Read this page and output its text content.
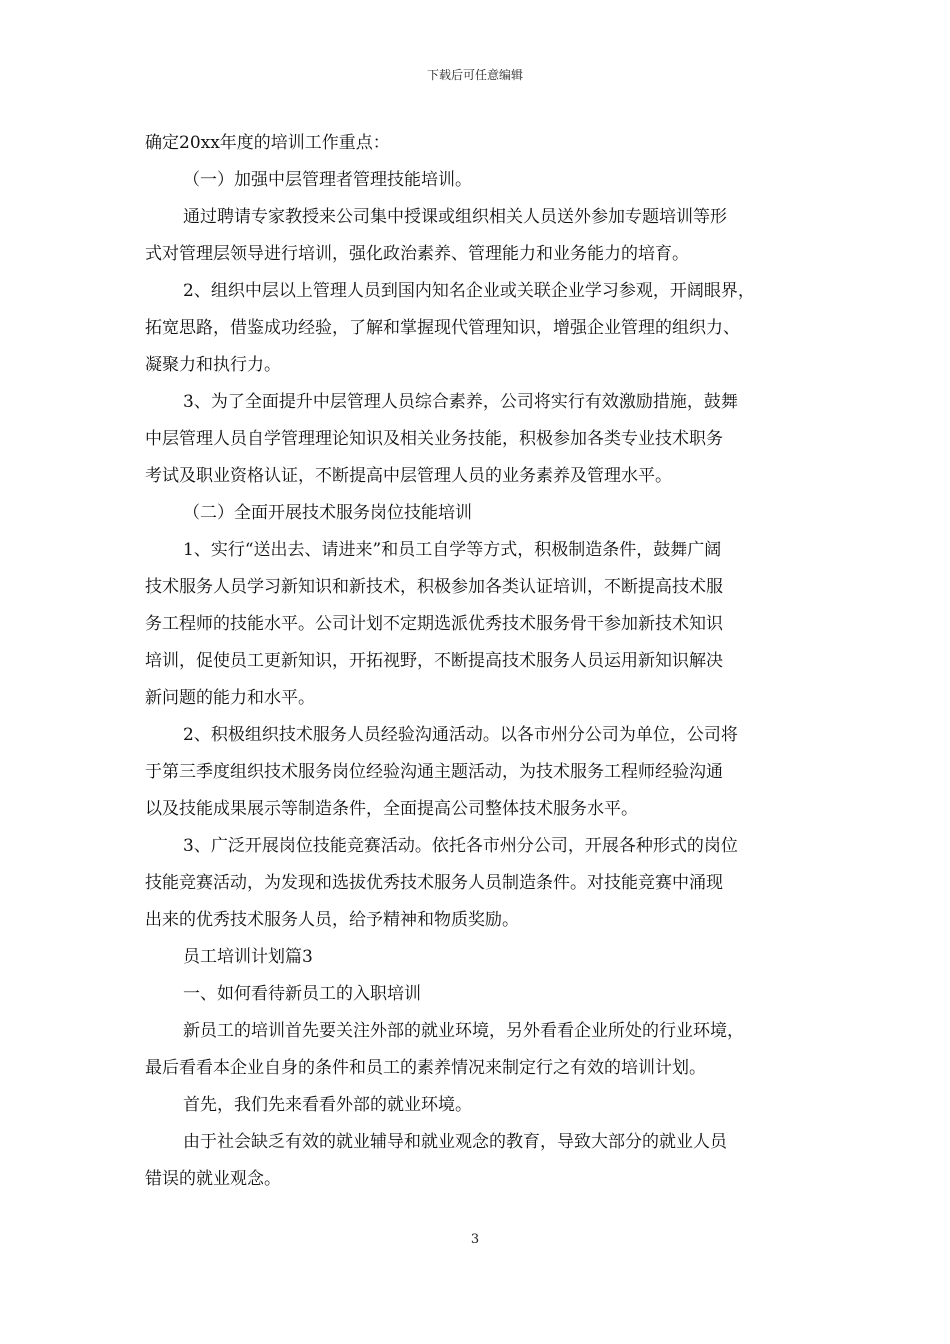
下载后可任意编辑
确定20xx年度的培训工作重点：
（一）加强中层管理者管理技能培训。
通过聘请专家教授来公司集中授课或组织相关人员送外参加专题培训等形
式对管理层领导进行培训，强化政治素养、管理能力和业务能力的培育。
2、组织中层以上管理人员到国内知名企业或关联企业学习参观，开阔眼界，
拓宽思路，借鉴成功经验，了解和掌握现代管理知识，增强企业管理的组织力、
凝聚力和执行力。
3、为了全面提升中层管理人员综合素养，公司将实行有效激励措施，鼓舞
中层管理人员自学管理理论知识及相关业务技能，积极参加各类专业技术职务
考试及职业资格认证，不断提高中层管理人员的业务素养及管理水平。
（二）全面开展技术服务岗位技能培训
1、实行“送出去、请进来”和员工自学等方式，积极制造条件，鼓舞广阔
技术服务人员学习新知识和新技术，积极参加各类认证培训，不断提高技术服
务工程师的技能水平。公司计划不定期选派优秀技术服务骨干参加新技术知识
培训，促使员工更新知识，开拓视野，不断提高技术服务人员运用新知识解决
新问题的能力和水平。
2、积极组织技术服务人员经验沟通活动。以各市州分公司为单位，公司将
于第三季度组织技术服务岗位经验沟通主题活动，为技术服务工程师经验沟通
以及技能成果展示等制造条件，全面提高公司整体技术服务水平。
3、广泛开展岗位技能竞赛活动。依托各市州分公司，开展各种形式的岗位
技能竞赛活动，为发现和选拔优秀技术服务人员制造条件。对技能竞赛中涌现
出来的优秀技术服务人员，给予精神和物质奖励。
员工培训计划篇3
一、如何看待新员工的入职培训
新员工的培训首先要关注外部的就业环境，另外看看企业所处的行业环境，
最后看看本企业自身的条件和员工的素养情况来制定行之有效的培训计划。
首先，我们先来看看外部的就业环境。
由于社会缺乏有效的就业辅导和就业观念的教育，导致大部分的就业人员
错误的就业观念。
3
